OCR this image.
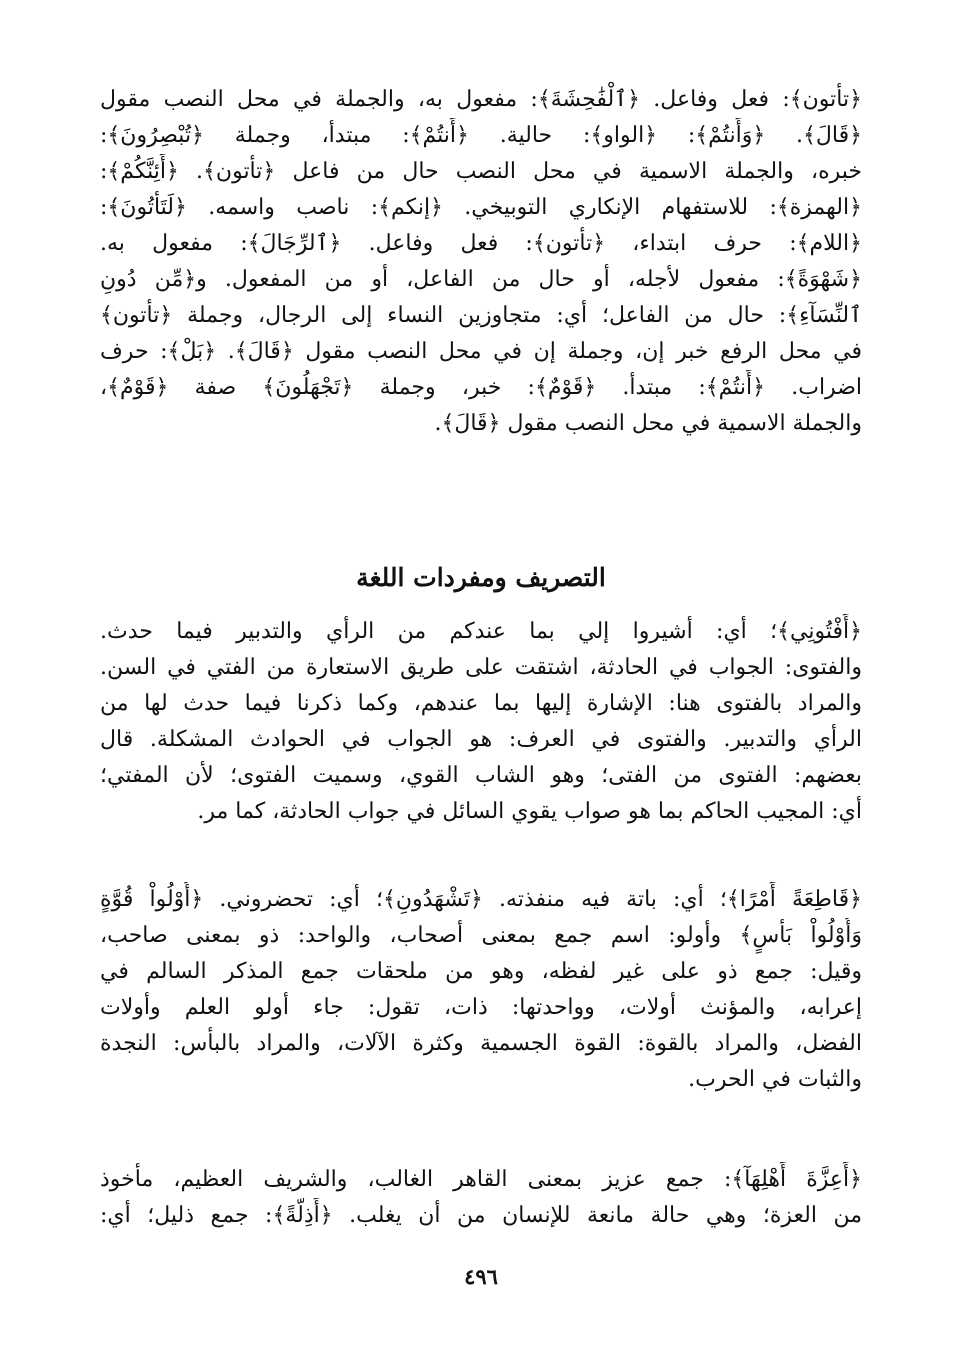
﴿تأتون﴾: فعل وفاعل. ﴿ٱلْفَٰحِشَةَ﴾: مفعول به، والجملة في محل النصب مقول
﴿قَالَ﴾. ﴿وَأَنتُمْ﴾: ﴿الواو﴾: حالية. ﴿أَنتُمْ﴾: مبتدأ، وجملة ﴿تُبْصِرُونَ﴾:
خبره، والجملة الاسمية في محل النصب حال من فاعل ﴿تأتون﴾. ﴿أَئِنَّكُمْ﴾:
﴿الهمزة﴾: للاستفهام الإنكاري التوبيخي. ﴿إنكم﴾: ناصب واسمه. ﴿لَتَأْتُونَ﴾:
﴿اللام﴾: حرف ابتداء، ﴿تأتون﴾: فعل وفاعل. ﴿ٱلرِّجَالَ﴾: مفعول به.
﴿شَهْوَةً﴾: مفعول لأجله، أو حال من الفاعل، أو من المفعول. و﴿مِّن دُونِ
ٱلنِّسَآءِ﴾: حال من الفاعل؛ أي: متجاوزين النساء إلى الرجال، وجملة ﴿تأتون﴾
في محل الرفع خبر إن، وجملة إن في محل النصب مقول ﴿قَالَ﴾. ﴿بَلْ﴾: حرف
اضراب. ﴿أَنتُمْ﴾: مبتدأ. ﴿قَوْمٌ﴾: خبر، وجملة ﴿تَجْهَلُونَ﴾ صفة ﴿قَوْمٌ﴾،
والجملة الاسمية في محل النصب مقول ﴿قَالَ﴾.
التصريف ومفردات اللغة
﴿أَفْتُونِي﴾؛ أي: أشيروا إلي بما عندكم من الرأي والتدبير فيما حدث.
والفتوى: الجواب في الحادثة، اشتقت على طريق الاستعارة من الفتي في السن.
والمراد بالفتوى هنا: الإشارة إليها بما عندهم، وكما ذكرنا فيما حدث لها من
الرأي والتدبير. والفتوى في العرف: هو الجواب في الحوادث المشكلة. قال
بعضهم: الفتوى من الفتى؛ وهو الشاب القوي، وسميت الفتوى؛ لأن المفتي؛
أي: المجيب الحاكم بما هو صواب يقوي السائل في جواب الحادثة، كما مر.
﴿قَاطِعَةً أَمْرًا﴾؛ أي: باتة فيه منفذته. ﴿تَشْهَدُونِ﴾؛ أي: تحضروني. ﴿أُوْلُواْ قُوَّةٍ
وَأُوْلُواْ بَأْسٍ﴾ وأولو: اسم جمع بمعنى أصحاب، والواحد: ذو بمعنى صاحب،
وقيل: جمع ذو على غير لفظه، وهو من ملحقات جمع المذكر السالم في
إعرابه، والمؤنث أولات، وواحدتها: ذات، تقول: جاء أولو العلم وأولات
الفضل، والمراد بالقوة: القوة الجسمية وكثرة الآلات، والمراد بالبأس: النجدة
والثبات في الحرب.
﴿أَعِزَّةَ أَهْلِهَآ﴾: جمع عزيز بمعنى القاهر الغالب، والشريف العظيم، مأخوذ
من العزة؛ وهي حالة مانعة للإنسان من أن يغلب. ﴿أَذِلَّةً﴾: جمع ذليل؛ أي:
٤٩٦
